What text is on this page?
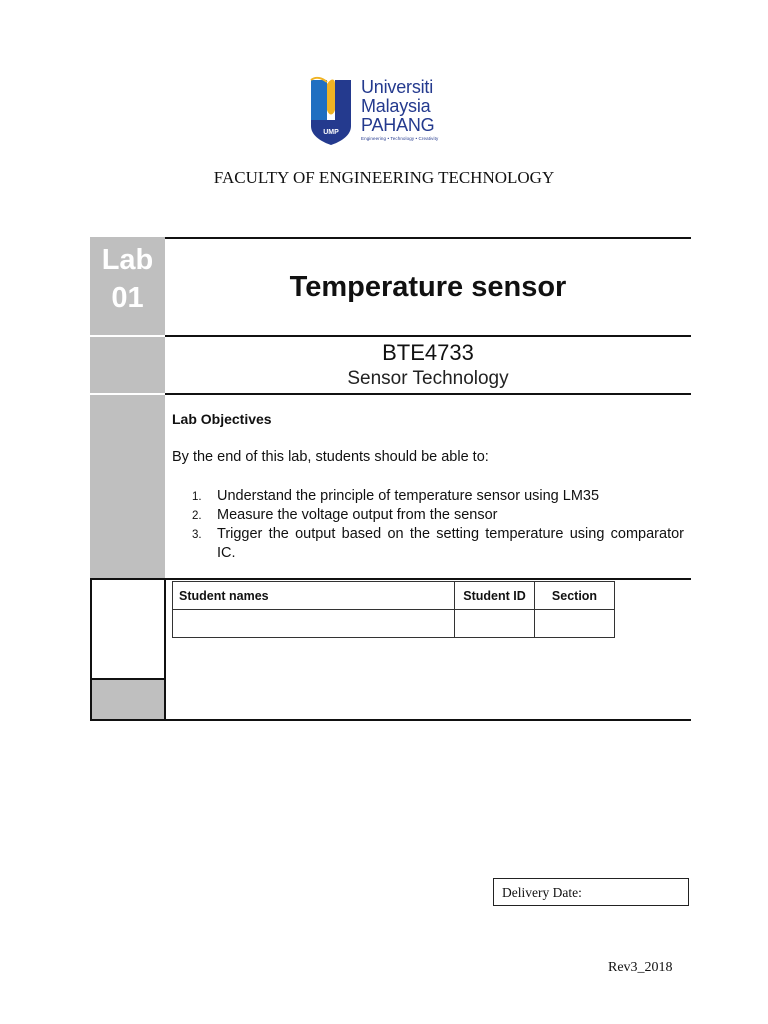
UMP
Universiti
Malaysia
PAHANG
Engineering • Technology • Creativity
FACULTY OF ENGINEERING TECHNOLOGY
Lab
01	Temperature sensor
BTE4733
Sensor Technology
Lab Objectives
By the end of this lab, students should be able to:
1. Understand the principle of temperature sensor using LM35
2. Measure the voltage output from the sensor
3. Trigger the output based on the setting temperature using comparator IC.
Student names	Student ID	Section

Delivery Date:
Rev3_2018
